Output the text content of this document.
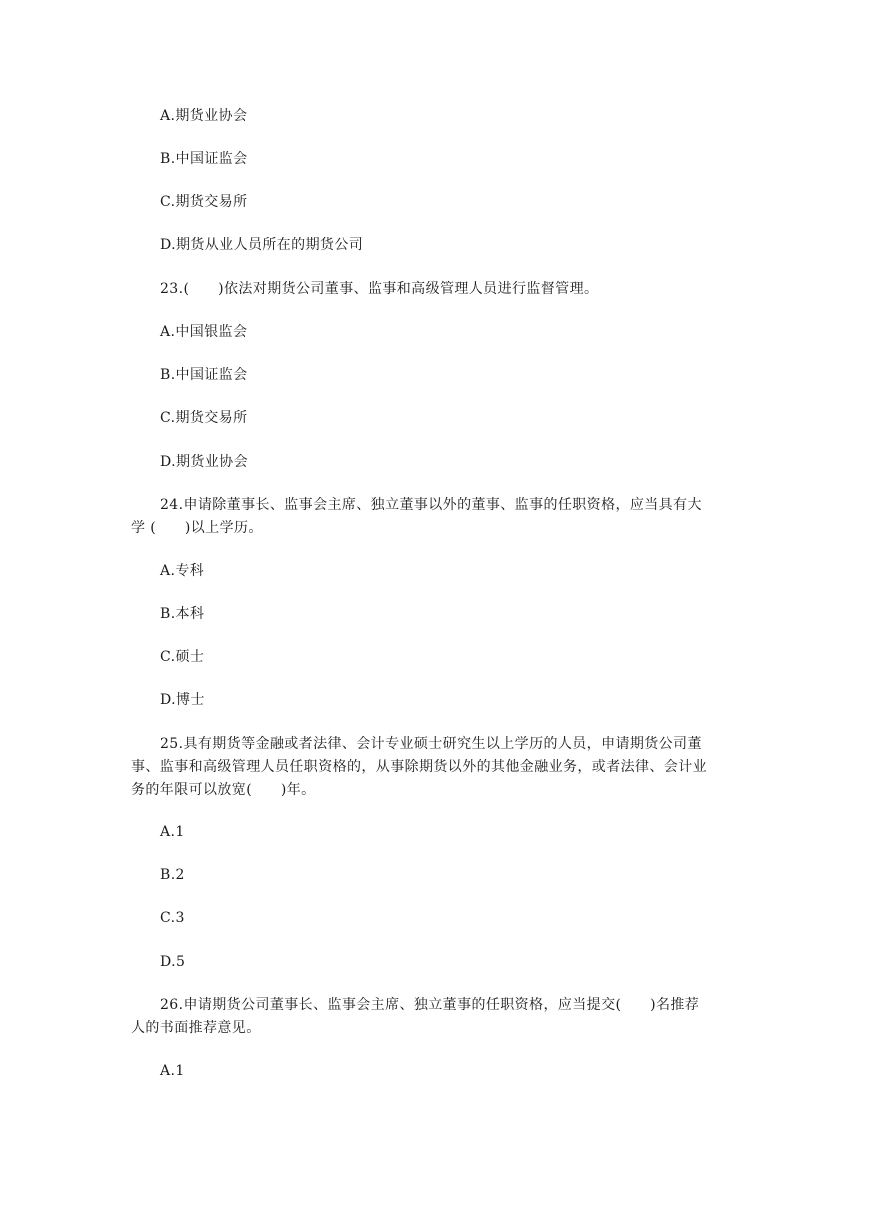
A.期货业协会
B.中国证监会
C.期货交易所
D.期货从业人员所在的期货公司
23.(　　)依法对期货公司董事、监事和高级管理人员进行监督管理。
A.中国银监会
B.中国证监会
C.期货交易所
D.期货业协会
24.申请除董事长、监事会主席、独立董事以外的董事、监事的任职资格，应当具有大
学 (　　)以上学历。
A.专科
B.本科
C.硕士
D.博士
25.具有期货等金融或者法律、会计专业硕士研究生以上学历的人员，申请期货公司董
事、监事和高级管理人员任职资格的，从事除期货以外的其他金融业务，或者法律、会计业
务的年限可以放宽(　　)年。
A.1
B.2
C.3
D.5
26.申请期货公司董事长、监事会主席、独立董事的任职资格，应当提交(　　)名推荐
人的书面推荐意见。
A.1
